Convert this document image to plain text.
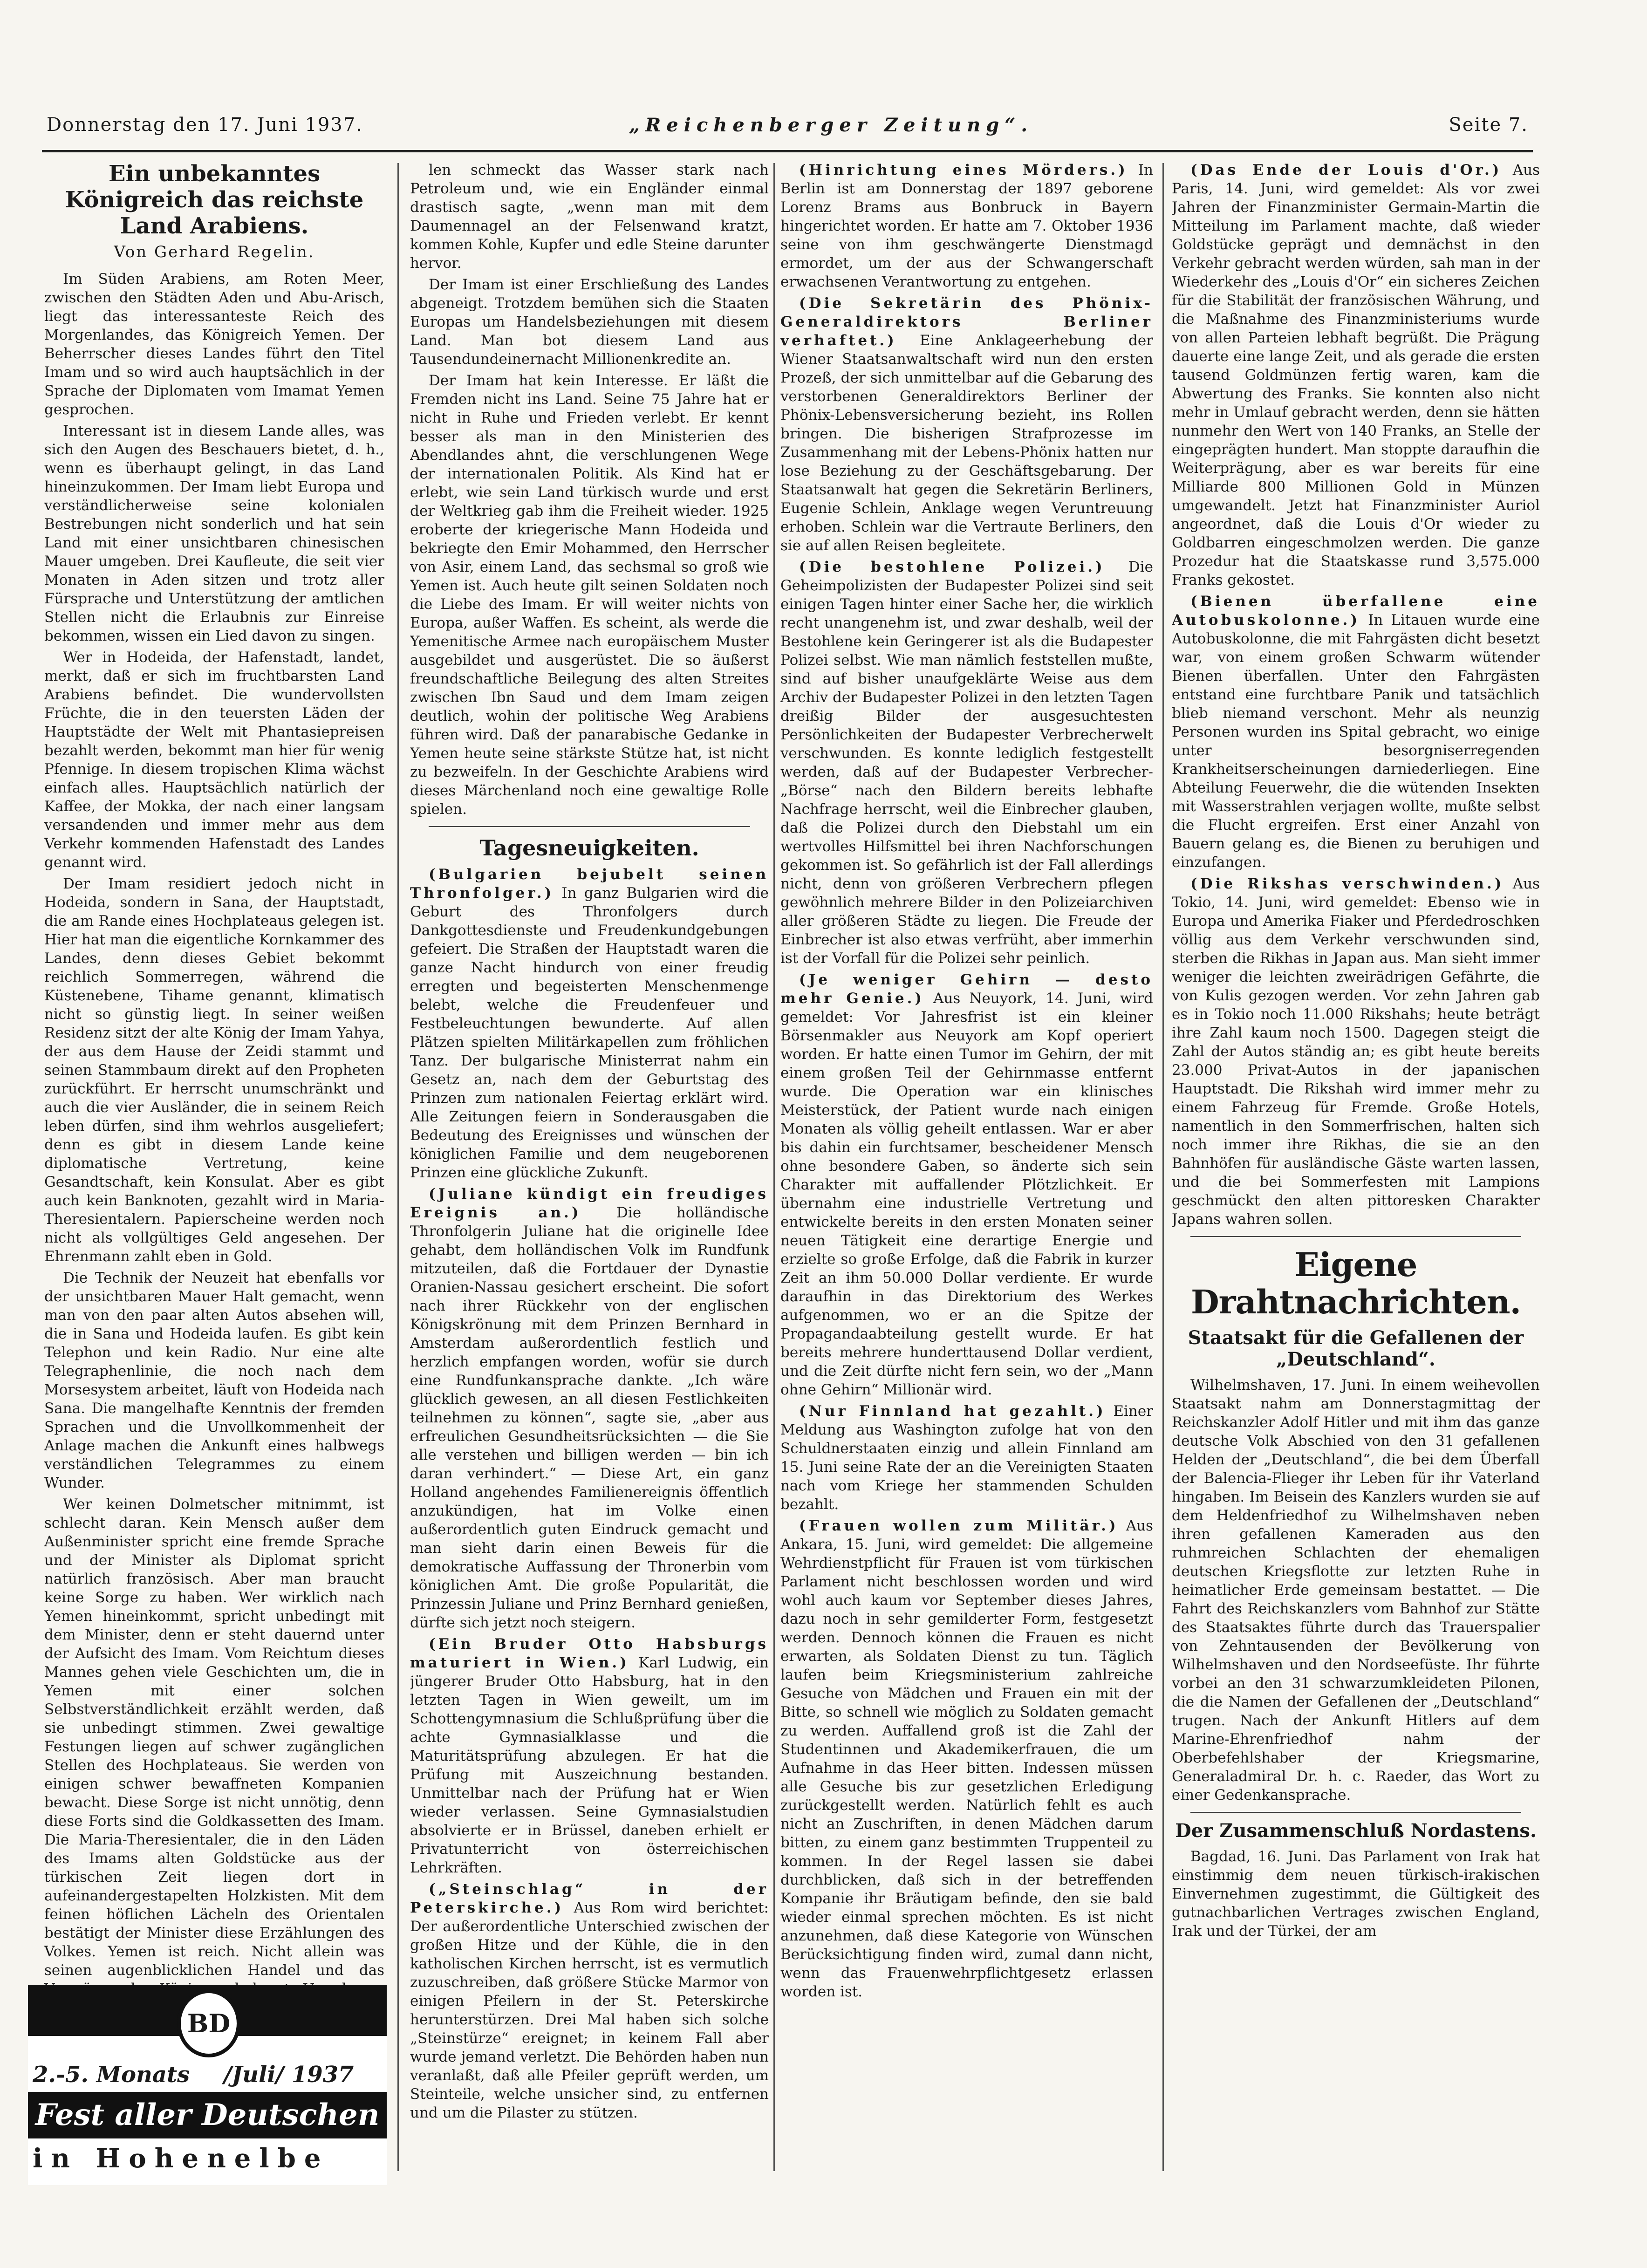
Donnerstag den 17. Juni 1937.	„Reichenberger Zeitung“.	Seite 7.
Ein unbekanntes Königreich das reichste Land Arabiens.
Von Gerhard Regelin.

Im Süden Arabiens, am Roten Meer, zwischen den Städten Aden und Abu-Arisch, liegt das interessanteste Reich des Morgenlandes, das Königreich Yemen. Der Beherrscher dieses Landes führt den Titel Imam und so wird auch hauptsächlich in der Sprache der Diplomaten vom Imamat Yemen gesprochen.

Interessant ist in diesem Lande alles, was sich den Augen des Beschauers bietet, d. h., wenn es überhaupt gelingt, in das Land hineinzukommen. Der Imam liebt Europa und verständlicherweise seine kolonialen Bestrebungen nicht sonderlich und hat sein Land mit einer unsichtbaren chinesischen Mauer umgeben. Drei Kaufleute, die seit vier Monaten in Aden sitzen und trotz aller Fürsprache und Unterstützung der amtlichen Stellen nicht die Erlaubnis zur Einreise bekommen, wissen ein Lied davon zu singen.

Wer in Hodeida, der Hafenstadt, landet, merkt, daß er sich im fruchtbarsten Land Arabiens befindet. Die wundervollsten Früchte, die in den teuersten Läden der Hauptstädte der Welt mit Phantasiepreisen bezahlt werden, bekommt man hier für wenig Pfennige. In diesem tropischen Klima wächst einfach alles. Hauptsächlich natürlich der Kaffee, der Mokka, der nach einer langsam versandenden und immer mehr aus dem Verkehr kommenden Hafenstadt des Landes genannt wird.

Der Imam residiert jedoch nicht in Hodeida, sondern in Sana, der Hauptstadt, die am Rande eines Hochplateaus gelegen ist. Hier hat man die eigentliche Kornkammer des Landes, denn dieses Gebiet bekommt reichlich Sommerregen, während die Küstenebene, Tihame genannt, klimatisch nicht so günstig liegt. In seiner weißen Residenz sitzt der alte König der Imam Yahya, der aus dem Hause der Zeidi stammt und seinen Stammbaum direkt auf den Propheten zurückführt. Er herrscht unumschränkt und auch die vier Ausländer, die in seinem Reich leben dürfen, sind ihm wehrlos ausgeliefert; denn es gibt in diesem Lande keine diplomatische Vertretung, keine Gesandtschaft, kein Konsulat. Aber es gibt auch kein Banknoten, gezahlt wird in Maria-Theresientalern. Papierscheine werden noch nicht als vollgültiges Geld angesehen. Der Ehrenmann zahlt eben in Gold.

Die Technik der Neuzeit hat ebenfalls vor der unsichtbaren Mauer Halt gemacht, wenn man von den paar alten Autos absehen will, die in Sana und Hodeida laufen. Es gibt kein Telephon und kein Radio. Nur eine alte Telegraphenlinie, die noch nach dem Morsesystem arbeitet, läuft von Hodeida nach Sana. Die mangelhafte Kenntnis der fremden Sprachen und die Unvollkommenheit der Anlage machen die Ankunft eines halbwegs verständlichen Telegrammes zu einem Wunder.

Wer keinen Dolmetscher mitnimmt, ist schlecht daran. Kein Mensch außer dem Außenminister spricht eine fremde Sprache und der Minister als Diplomat spricht natürlich französisch. Aber man braucht keine Sorge zu haben. Wer wirklich nach Yemen hineinkommt, spricht unbedingt mit dem Minister, denn er steht dauernd unter der Aufsicht des Imam. Vom Reichtum dieses Mannes gehen viele Geschichten um, die in Yemen mit einer solchen Selbstverständlichkeit erzählt werden, daß sie unbedingt stimmen. Zwei gewaltige Festungen liegen auf schwer zugänglichen Stellen des Hochplateaus. Sie werden von einigen schwer bewaffneten Kompanien bewacht. Diese Sorge ist nicht unnötig, denn diese Forts sind die Goldkassetten des Imam. Die Maria-Theresientaler, die in den Läden des Imams alten Goldstücke aus der türkischen Zeit liegen dort in aufeinandergestapelten Holzkisten. Mit dem feinen höflichen Lächeln des Orientalen bestätigt der Minister diese Erzählungen des Volkes. Yemen ist reich. Nicht allein was seinen augenblicklichen Handel und das

BD
2.-5. Monats /Juli/ 1937
Fest aller Deutschen
in Hohenelbe

len schmeckt das Wasser stark nach Petroleum und, wie ein Engländer einmal drastisch sagte, „wenn man mit dem Daumennagel an der Felsenwand kratzt, kommen Kohle, Kupfer und edle Steine darunter hervor.

Der Imam ist einer Erschließung des Landes abgeneigt. Trotzdem bemühen sich die Staaten Europas um Handelsbeziehungen mit diesem Land. Man bot diesem Land aus Tausendundeinernacht Millionenkredite an.

Der Imam hat kein Interesse. Er läßt die Fremden nicht ins Land. Seine 75 Jahre hat er nicht in Ruhe und Frieden verlebt. Er kennt besser als man in den Ministerien des Abendlandes ahnt, die verschlungenen Wege der internationalen Politik. Als Kind hat er erlebt, wie sein Land türkisch wurde und erst der Weltkrieg gab ihm die Freiheit wieder. 1925 eroberte der kriegerische Mann Hodeida und bekriegte den Emir Mohammed, den Herrscher von Asir, einem Land, das sechsmal so groß wie Yemen ist. Auch heute gilt seinen Soldaten noch die Liebe des Imam. Er will weiter nichts von Europa, außer Waffen. Es scheint, als werde die Yemenitische Armee nach europäischem Muster ausgebildet und ausgerüstet. Die so äußerst freundschaftliche Beilegung des alten Streites zwischen Ibn Saud und dem Imam zeigen deutlich, wohin der politische Weg Arabiens führen wird. Daß der panarabische Gedanke in Yemen heute seine stärkste Stütze hat, ist nicht zu bezweifeln. In der Geschichte Arabiens wird dieses Märchenland noch eine gewaltige Rolle spielen.

Tagesneuigkeiten.

(Bulgarien bejubelt seinen Thronfolger.) In ganz Bulgarien wird die Geburt des Thronfolgers durch Dankgottesdienste und Freudenkundgebungen gefeiert. Die Straßen der Hauptstadt waren die ganze Nacht hindurch von einer freudig erregten und begeisterten Menschenmenge belebt, welche die Freudenfeuer und Festbeleuchtungen bewunderte. Auf allen Plätzen spielten Militärkapellen zum fröhlichen Tanz. Der bulgarische Ministerrat nahm ein Gesetz an, nach dem der Geburtstag des Prinzen zum nationalen Feiertag erklärt wird. Alle Zeitungen feiern in Sonderausgaben die Bedeutung des Ereignisses und wünschen der königlichen Familie und dem neugeborenen Prinzen eine glückliche Zukunft.

(Juliane kündigt ein freudiges Ereignis an.) Die holländische Thronfolgerin Juliane hat die originelle Idee gehabt, dem holländischen Volk im Rundfunk mitzuteilen, daß die Fortdauer der Dynastie Oranien-Nassau gesichert erscheint. Die sofort nach ihrer Rückkehr von der englischen Königskrönung mit dem Prinzen Bernhard in Amsterdam außerordentlich festlich und herzlich empfangen worden, wofür sie durch eine Rundfunkansprache dankte. „Ich wäre glücklich gewesen, an all diesen Festlichkeiten teilnehmen zu können“, sagte sie, „aber aus erfreulichen Gesundheitsrücksichten — die Sie alle verstehen und billigen werden — bin ich daran verhindert.“ — Diese Art, ein ganz Holland angehendes Familienereignis öffentlich anzukündigen, hat im Volke einen außerordentlich guten Eindruck gemacht und man sieht darin einen Beweis für die demokratische Auffassung der Thronerbin vom königlichen Amt. Die große Popularität, die Prinzessin Juliane und Prinz Bernhard genießen, dürfte sich jetzt noch steigern.

(Ein Bruder Otto Habsburgs maturiert in Wien.) Karl Ludwig, ein jüngerer Bruder Otto Habsburg, hat in den letzten Tagen in Wien geweilt, um im Schottengymnasium die Schlußprüfung über die achte Gymnasialklasse und die Maturitätsprüfung abzulegen. Er hat die Prüfung mit Auszeichnung bestanden. Unmittelbar nach der Prüfung hat er Wien wieder verlassen. Seine Gymnasialstudien absolvierte er in Brüssel, daneben erhielt er Privatunterricht von österreichischen Lehrkräften.

(„Steinschlag“ in der Peterskirche.) Aus Rom wird berichtet: Der außerordentliche Unterschied zwischen der großen Hitze und der Kühle, die in den katholischen Kirchen herrscht, ist es vermutlich zuzuschreiben, daß größere Stücke Marmor von einigen Pfeilern in der St. Peterskirche herunterstürzen. Drei Mal haben sich solche „Steinstürze“ ereignet; in keinem Fall aber wurde jemand verletzt. Die Behörden haben nun veranlaßt, daß alle Pfeiler geprüft werden, um Steinteile, welche unsicher sind, zu entfernen und um die Pilaster zu stützen.

(Hinrichtung eines Mörders.) In Berlin ist am Donnerstag der 1897 geborene Lorenz Brams aus Bonbruck in Bayern hingerichtet worden. Er hatte am 7. Oktober 1936 seine von ihm geschwängerte Dienstmagd ermordet, um der aus der Schwangerschaft erwachsenen Verantwortung zu entgehen.

(Die Sekretärin des Phönix-Generaldirektors Berliner verhaftet.) Eine Anklageerhebung der Wiener Staatsanwaltschaft wird nun den ersten Prozeß, der sich unmittelbar auf die Gebarung des verstorbenen Generaldirektors Berliner der Phönix-Lebensversicherung bezieht, ins Rollen bringen. Die bisherigen Strafprozesse im Zusammenhang mit der Lebens-Phönix hatten nur lose Beziehung zu der Geschäftsgebarung. Der Staatsanwalt hat gegen die Sekretärin Berliners, Eugenie Schlein, Anklage wegen Veruntreuung erhoben. Schlein war die Vertraute Berliners, den sie auf allen Reisen begleitete.

(Die bestohlene Polizei.) Die Geheimpolizisten der Budapester Polizei sind seit einigen Tagen hinter einer Sache her, die wirklich recht unangenehm ist, und zwar deshalb, weil der Bestohlene kein Geringerer ist als die Budapester Polizei selbst. Wie man nämlich feststellen mußte, sind auf bisher unaufgeklärte Weise aus dem Archiv der Budapester Polizei in den letzten Tagen dreißig Bilder der ausgesuchtesten Persönlichkeiten der Budapester Verbrecherwelt verschwunden. Es konnte lediglich festgestellt werden, daß auf der Budapester Verbrecher-„Börse“ nach den Bildern bereits lebhafte Nachfrage herrscht, weil die Einbrecher glauben, daß die Polizei durch den Diebstahl um ein wertvolles Hilfsmittel bei ihren Nachforschungen gekommen ist. So gefährlich ist der Fall allerdings nicht, denn von größeren Verbrechern pflegen gewöhnlich mehrere Bilder in den Polizeiarchiven aller größeren Städte zu liegen. Die Freude der Einbrecher ist also etwas verfrüht, aber immerhin ist der Vorfall für die Polizei sehr peinlich.

(Je weniger Gehirn — desto mehr Genie.) Aus Neuyork, 14. Juni, wird gemeldet: Vor Jahresfrist ist ein kleiner Börsenmakler aus Neuyork am Kopf operiert worden. Er hatte einen Tumor im Gehirn, der mit einem großen Teil der Gehirnmasse entfernt wurde. Die Operation war ein klinisches Meisterstück, der Patient wurde nach einigen Monaten als völlig geheilt entlassen. War er aber bis dahin ein furchtsamer, bescheidener Mensch ohne besondere Gaben, so änderte sich sein Charakter mit auffallender Plötzlichkeit. Er übernahm eine industrielle Vertretung und entwickelte bereits in den ersten Monaten seiner neuen Tätigkeit eine derartige Energie und erzielte so große Erfolge, daß die Fabrik in kurzer Zeit an ihm 50.000 Dollar verdiente. Er wurde daraufhin in das Direktorium des Werkes aufgenommen, wo er an die Spitze der Propagandaabteilung gestellt wurde. Er hat bereits mehrere hunderttausend Dollar verdient, und die Zeit dürfte nicht fern sein, wo der „Mann ohne Gehirn“ Millionär wird.

(Nur Finnland hat gezahlt.) Einer Meldung aus Washington zufolge hat von den Schuldnerstaaten einzig und allein Finnland am 15. Juni seine Rate der an die Vereinigten Staaten nach vom Kriege her stammenden Schulden bezahlt.

(Frauen wollen zum Militär.) Aus Ankara, 15. Juni, wird gemeldet: Die allgemeine Wehrdienstpflicht für Frauen ist vom türkischen Parlament nicht beschlossen worden und wird wohl auch kaum vor September dieses Jahres, dazu noch in sehr gemilderter Form, festgesetzt werden. Dennoch können die Frauen es nicht erwarten, als Soldaten Dienst zu tun. Täglich laufen beim Kriegsministerium zahlreiche Gesuche von Mädchen und Frauen ein mit der Bitte, so schnell wie möglich zu Soldaten gemacht zu werden. Auffallend groß ist die Zahl der Studentinnen und Akademikerfrauen, die um Aufnahme in das Heer bitten. Indessen müssen alle Gesuche bis zur gesetzlichen Erledigung zurückgestellt werden. Natürlich fehlt es auch nicht an Zuschriften, in denen Mädchen darum bitten, zu einem ganz bestimmten Truppenteil zu kommen. In der Regel lassen sie dabei durchblicken, daß sich in der betreffenden Kompanie ihr Bräutigam befinde, den sie bald wieder einmal sprechen möchten. Es ist nicht anzunehmen, daß diese Kategorie von Wünschen Berücksichtigung finden wird, zumal dann nicht, wenn das Frauenwehrpflichtgesetz erlassen worden ist.

(Das Ende der Louis d'Or.) Aus Paris, 14. Juni, wird gemeldet: Als vor zwei Jahren der Finanzminister Germain-Martin die Mitteilung im Parlament machte, daß wieder Goldstücke geprägt und demnächst in den Verkehr gebracht werden würden, sah man in der Wiederkehr des „Louis d'Or“ ein sicheres Zeichen für die Stabilität der französischen Währung, und die Maßnahme des Finanzministeriums wurde von allen Parteien lebhaft begrüßt. Die Prägung dauerte eine lange Zeit, und als gerade die ersten tausend Goldmünzen fertig waren, kam die Abwertung des Franks. Sie konnten also nicht mehr in Umlauf gebracht werden, denn sie hätten nunmehr den Wert von 140 Franks, an Stelle der eingeprägten hundert. Man stoppte daraufhin die Weiterprägung, aber es war bereits für eine Milliarde 800 Millionen Gold in Münzen umgewandelt. Jetzt hat Finanzminister Auriol angeordnet, daß die Louis d'Or wieder zu Goldbarren eingeschmolzen werden. Die ganze Prozedur hat die Staatskasse rund 3,575.000 Franks gekostet.

(Bienen überfallene eine Autobuskolonne.) In Litauen wurde eine Autobuskolonne, die mit Fahrgästen dicht besetzt war, von einem großen Schwarm wütender Bienen überfallen. Unter den Fahrgästen entstand eine furchtbare Panik und tatsächlich blieb niemand verschont. Mehr als neunzig Personen wurden ins Spital gebracht, wo einige unter besorgniserregenden Krankheitserscheinungen darniederliegen. Eine Abteilung Feuerwehr, die die wütenden Insekten mit Wasserstrahlen verjagen wollte, mußte selbst die Flucht ergreifen. Erst einer Anzahl von Bauern gelang es, die Bienen zu beruhigen und einzufangen.

(Die Rikshas verschwinden.) Aus Tokio, 14. Juni, wird gemeldet: Ebenso wie in Europa und Amerika Fiaker und Pferdedroschken völlig aus dem Verkehr verschwunden sind, sterben die Rikhas in Japan aus. Man sieht immer weniger die leichten zweirädrigen Gefährte, die von Kulis gezogen werden. Vor zehn Jahren gab es in Tokio noch 11.000 Rikshahs; heute beträgt ihre Zahl kaum noch 1500. Dagegen steigt die Zahl der Autos ständig an; es gibt heute bereits 23.000 Privat-Autos in der japanischen Hauptstadt. Die Rikshah wird immer mehr zu einem Fahrzeug für Fremde. Große Hotels, namentlich in den Sommerfrischen, halten sich noch immer ihre Rikhas, die sie an den Bahnhöfen für ausländische Gäste warten lassen, und die bei Sommerfesten mit Lampions geschmückt den alten pittoresken Charakter Japans wahren sollen.

Eigene Drahtnachrichten.
Staatsakt für die Gefallenen der „Deutschland“.

Wilhelmshaven, 17. Juni. In einem weihevollen Staatsakt nahm am Donnerstagmittag der Reichskanzler Adolf Hitler und mit ihm das ganze deutsche Volk Abschied von den 31 gefallenen Helden der „Deutschland“, die bei dem Überfall der Balencia-Flieger ihr Leben für ihr Vaterland hingaben. Im Beisein des Kanzlers wurden sie auf dem Heldenfriedhof zu Wilhelmshaven neben ihren gefallenen Kameraden aus den ruhmreichen Schlachten der ehemaligen deutschen Kriegsflotte zur letzten Ruhe in heimatlicher Erde gemeinsam bestattet. — Die Fahrt des Reichskanzlers vom Bahnhof zur Stätte des Staatsaktes führte durch das Trauerspalier von Zehntausenden der Bevölkerung von Wilhelmshaven und den Nordseefüste. Ihr führte vorbei an den 31 schwarzumkleideten Pilonen, die die Namen der Gefallenen der „Deutschland“ trugen. Nach der Ankunft Hitlers auf dem Marine-Ehrenfriedhof nahm der Oberbefehlshaber der Kriegsmarine, Generaladmiral Dr. h. c. Raeder, das Wort zu einer Gedenkansprache.

Der Zusammenschluß Nordastens.

Bagdad, 16. Juni. Das Parlament von Irak hat einstimmig dem neuen türkisch-irakischen Einvernehmen zugestimmt, die Gültigkeit des gutnachbarlichen Vertrages zwischen England, Irak und der Türkei, der am
